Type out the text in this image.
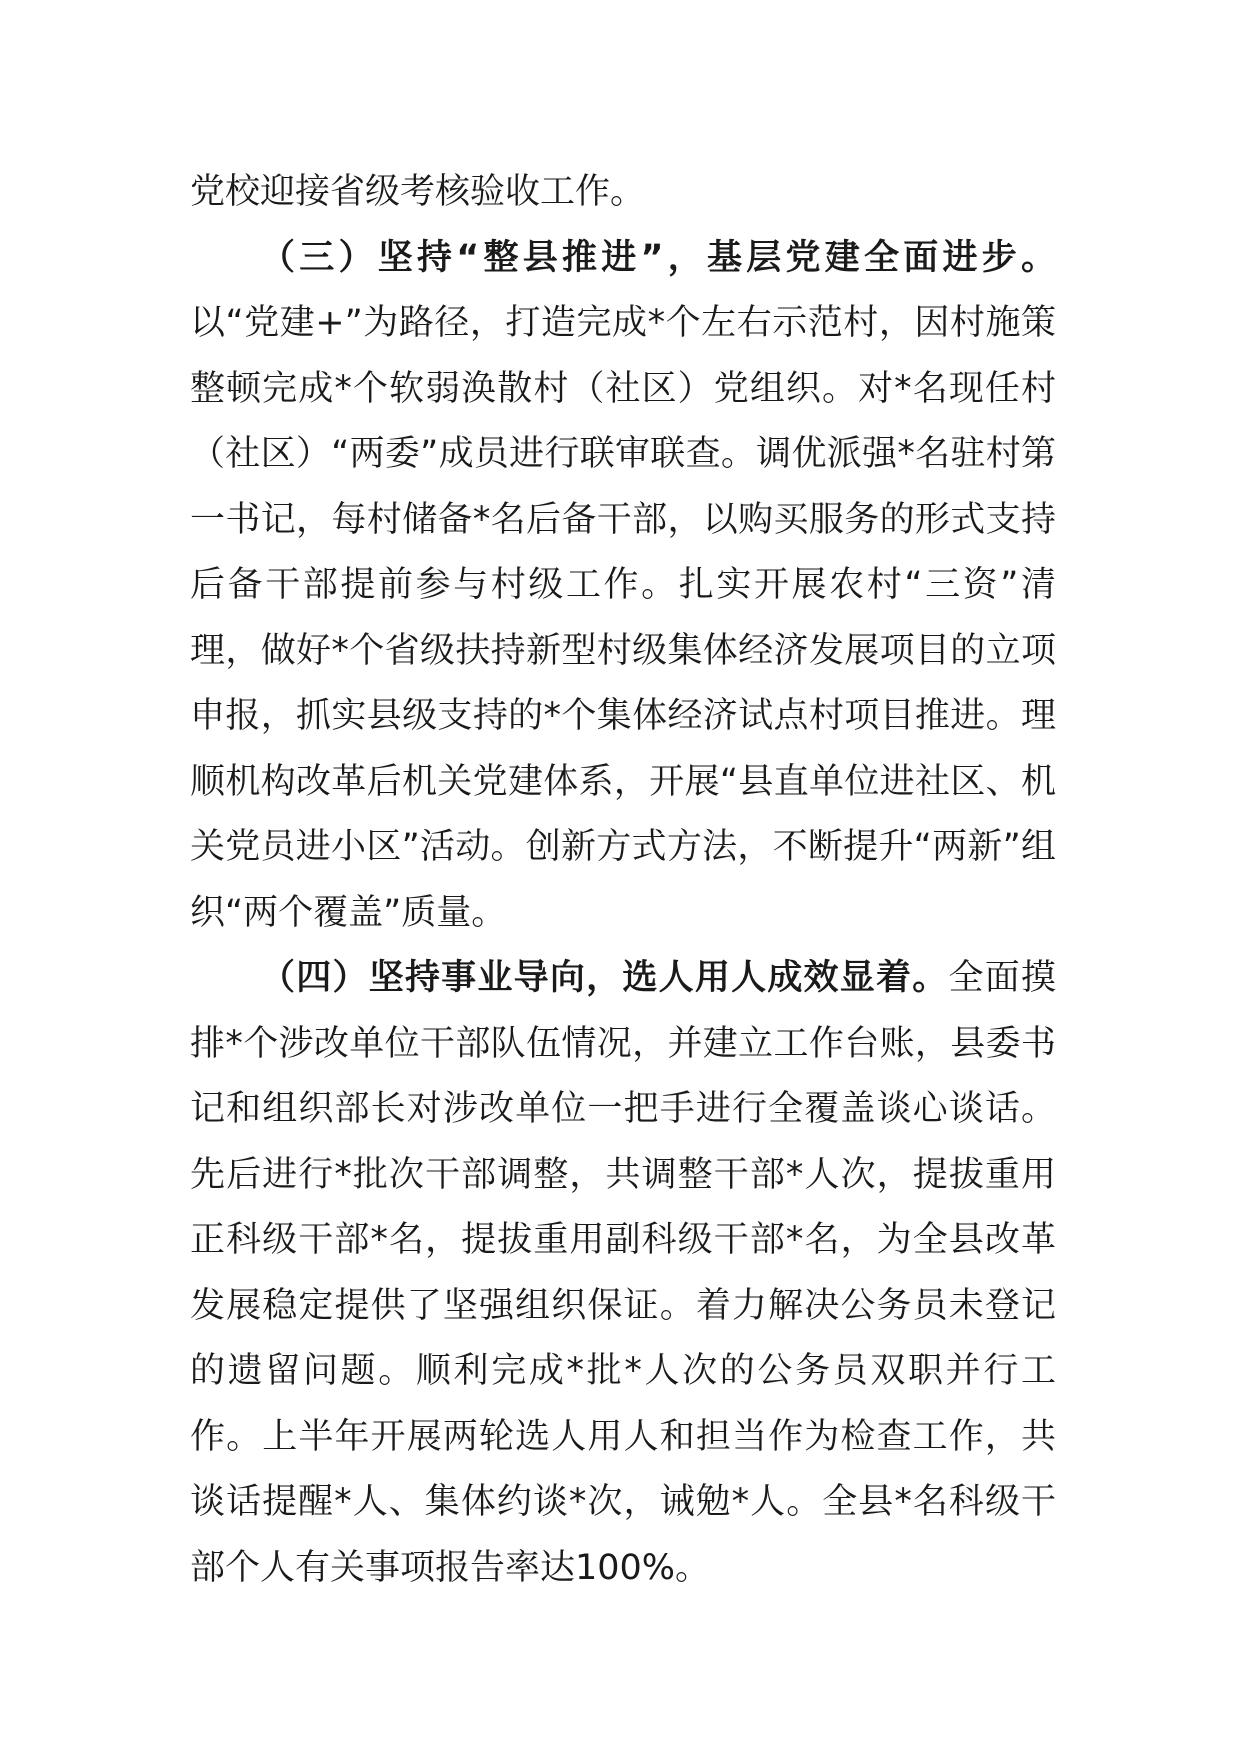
党校迎接省级考核验收工作。

（三）坚持“整县推进”，基层党建全面进步。以“党建+”为路径，打造完成*个左右示范村，因村施策整顿完成*个软弱涣散村（社区）党组织。对*名现任村（社区）“两委”成员进行联审联查。调优派强*名驻村第一书记，每村储备*名后备干部，以购买服务的形式支持后备干部提前参与村级工作。扎实开展农村“三资”清理，做好*个省级扶持新型村级集体经济发展项目的立项申报，抓实县级支持的*个集体经济试点村项目推进。理顺机构改革后机关党建体系，开展“县直单位进社区、机关党员进小区”活动。创新方式方法，不断提升“两新”组织“两个覆盖”质量。

（四）坚持事业导向，选人用人成效显着。全面摸排*个涉改单位干部队伍情况，并建立工作台账，县委书记和组织部长对涉改单位一把手进行全覆盖谈心谈话。先后进行*批次干部调整，共调整干部*人次，提拔重用正科级干部*名，提拔重用副科级干部*名，为全县改革发展稳定提供了坚强组织保证。着力解决公务员未登记的遗留问题。顺利完成*批*人次的公务员双职并行工作。上半年开展两轮选人用人和担当作为检查工作，共谈话提醒*人、集体约谈*次，诫勉*人。全县*名科级干部个人有关事项报告率达100%。
